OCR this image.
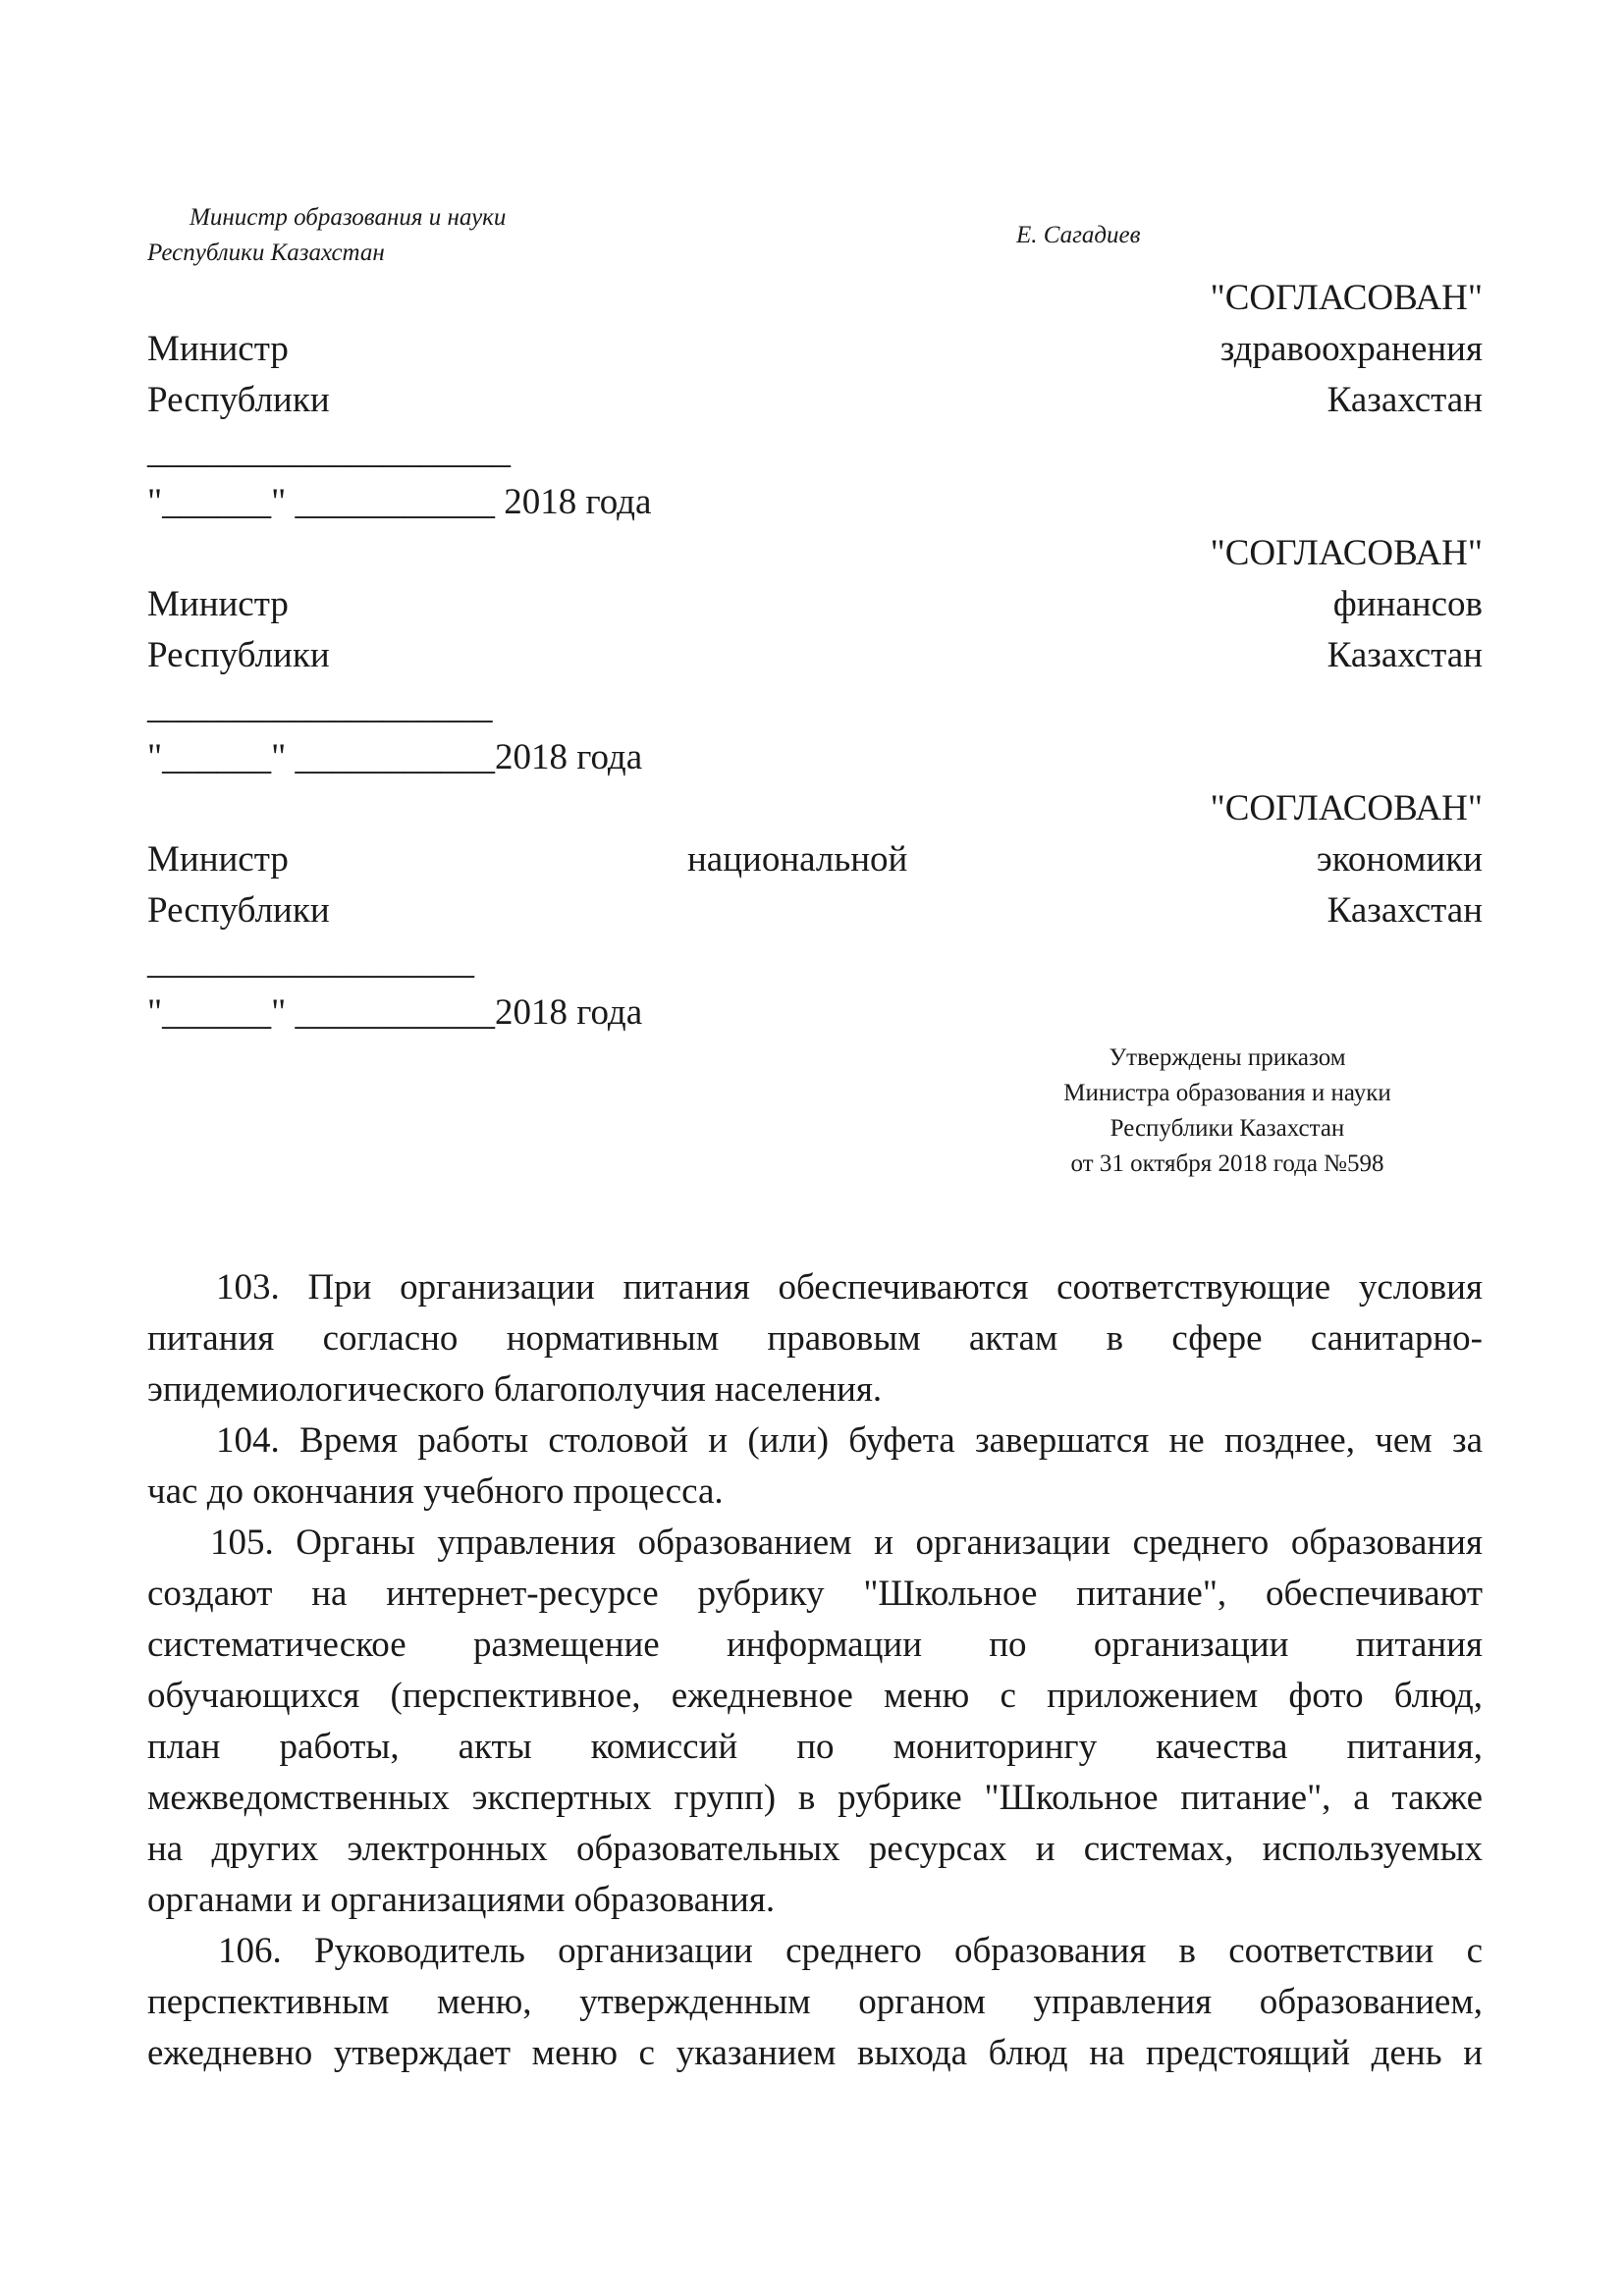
Министр образования и науки
Республики Казахстан
Е. Сагадиев
"СОГЛАСОВАН"
Министр	здравоохранения
Республики	Казахстан
____________________
"______" ___________ 2018 года
"СОГЛАСОВАН"
Министр	финансов
Республики	Казахстан
___________________
"______" ___________2018 года
"СОГЛАСОВАН"
Министр	национальной	экономики
Республики	Казахстан
__________________
"______" ___________2018 года
Утверждены приказом
Министра образования и науки
Республики Казахстан
от 31 октября 2018 года №598
103. При организации питания обеспечиваются соответствующие условия
питания согласно нормативным правовым актам в сфере санитарно-
эпидемиологического благополучия населения.
104. Время работы столовой и (или) буфета завершатся не позднее, чем за
час до окончания учебного процесса.
105. Органы управления образованием и организации среднего образования
создают на интернет-ресурсе рубрику "Школьное питание", обеспечивают
систематическое размещение информации по организации питания
обучающихся (перспективное, ежедневное меню с приложением фото блюд,
план работы, акты комиссий по мониторингу качества питания,
межведомственных экспертных групп) в рубрике "Школьное питание", а также
на других электронных образовательных ресурсах и системах, используемых
органами и организациями образования.
106. Руководитель организации среднего образования в соответствии с
перспективным меню, утвержденным органом управления образованием,
ежедневно утверждает меню с указанием выхода блюд на предстоящий день и
